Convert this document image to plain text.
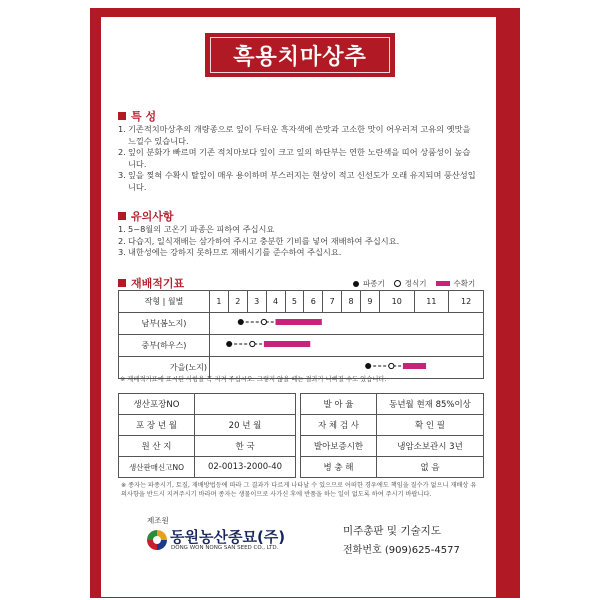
흑용치마상추
특 성
1. 기존적치마상추의 개량종으로 잎이 두터운 흑자색에 쓴맛과 고소한 맛이 어우러져 고유의 옛맛을 느낄수 있습니다.
2. 잎이 분화가 빠르며 기존 적치마보다 잎이 크고 잎의 하단부는 연한 노란색을 띠어 상품성이 높습니다.
3. 잎을 찢혀 수확시 탈잎이 매우 용이하며 부스러지는 현상이 적고 신선도가 오래 유지되며 풍산성입니다.
유의사항
1. 5~8월의 고온기 파종은 피하여 주십시요
2. 다습지, 일식재배는 삼가하여 주시고 충분한 기비를 넣어 재배하여 주십시요.
3. 내한성에는 강하지 못하므로 재배시기를 준수하여 주십시요.
재배적기표	파종기	정식기	수확기
작형 | 월별	1	2	3	4	5	6	7	8	9	10	11	12
남부(봄노지)												
중부(하우스)												
가을(노지)												
※ 재배적기표에 표시된 사항을 꼭 지켜 주십시오. 그렇지 않을 때는 결과가 나빠질 수도 있습니다.
생산포장NO			발 아 율	동년월 현재 85%이상
포 장 년 월	20 년 월		자 체 검 사	확 인 필
원 산 지	한 국		발아보증시한	냉암소보관시 3년
생산판매신고NO	02-0013-2000-40		병 충 해	없 음
※ 종자는 파종시기, 토질, 재배방법등에 따라 그 결과가 다르게 나타날 수 있으므로 어떠한 경우에도 책임을 질수가 없으니 재배상 유의사항을 반드시 지켜주시기 바라며 종자는 생물이므로 사가신 후에 반품을 하는 일이 없도록 하여 주시기 바랍니다.
제조원
동원농산종묘(주)
DONG WON NONG SAN SEED CO., LTD.
미주총판 및 기술지도
전화번호 (909)625-4577
